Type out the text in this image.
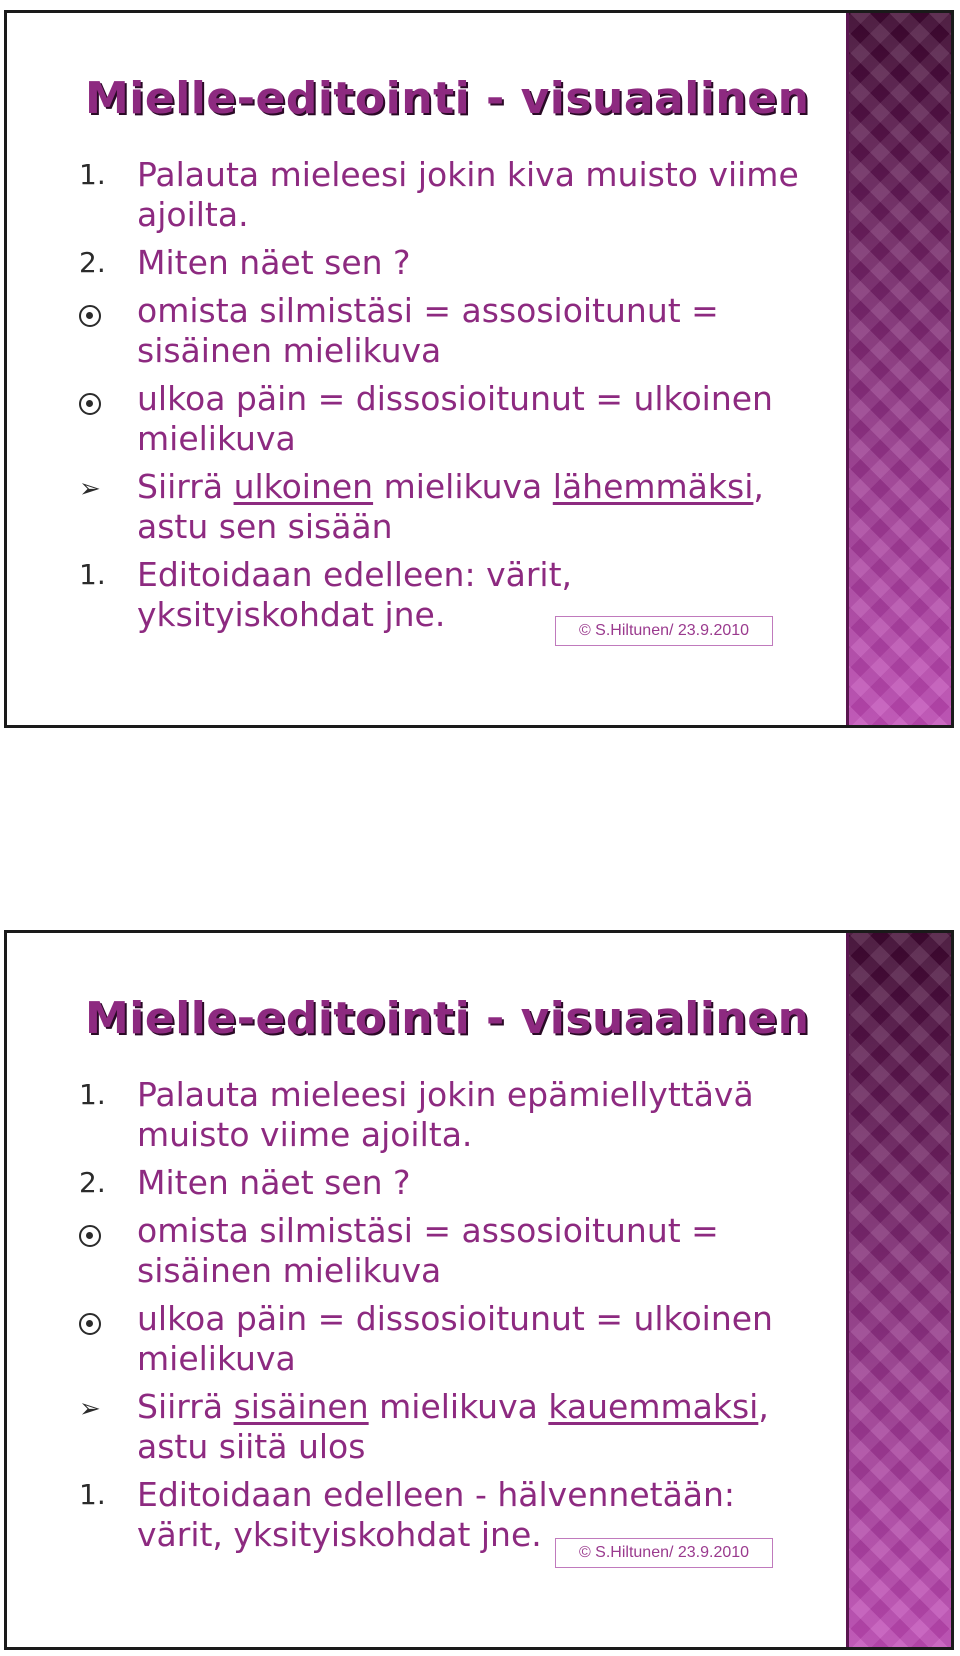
Mielle-editointi - visuaalinen
1. Palauta mieleesi jokin kiva muisto viime ajoilta.
2. Miten näet sen ?
omista silmistäsi = assosioitunut = sisäinen mielikuva
ulkoa päin = dissosioitunut = ulkoinen mielikuva
➢	Siirrä ulkoinen mielikuva lähemmäksi, astu sen sisään
1. Editoidaan edelleen: värit, yksityiskohdat jne.	© S.Hiltunen/ 23.9.2010
Mielle-editointi - visuaalinen
1. Palauta mieleesi jokin epämiellyttävä muisto viime ajoilta.
2. Miten näet sen ?
omista silmistäsi = assosioitunut = sisäinen mielikuva
ulkoa päin = dissosioitunut = ulkoinen mielikuva
➢	Siirrä sisäinen mielikuva kauemmaksi, astu siitä ulos
1. Editoidaan edelleen - hälvennetään: värit, yksityiskohdat jne.	© S.Hiltunen/ 23.9.2010
